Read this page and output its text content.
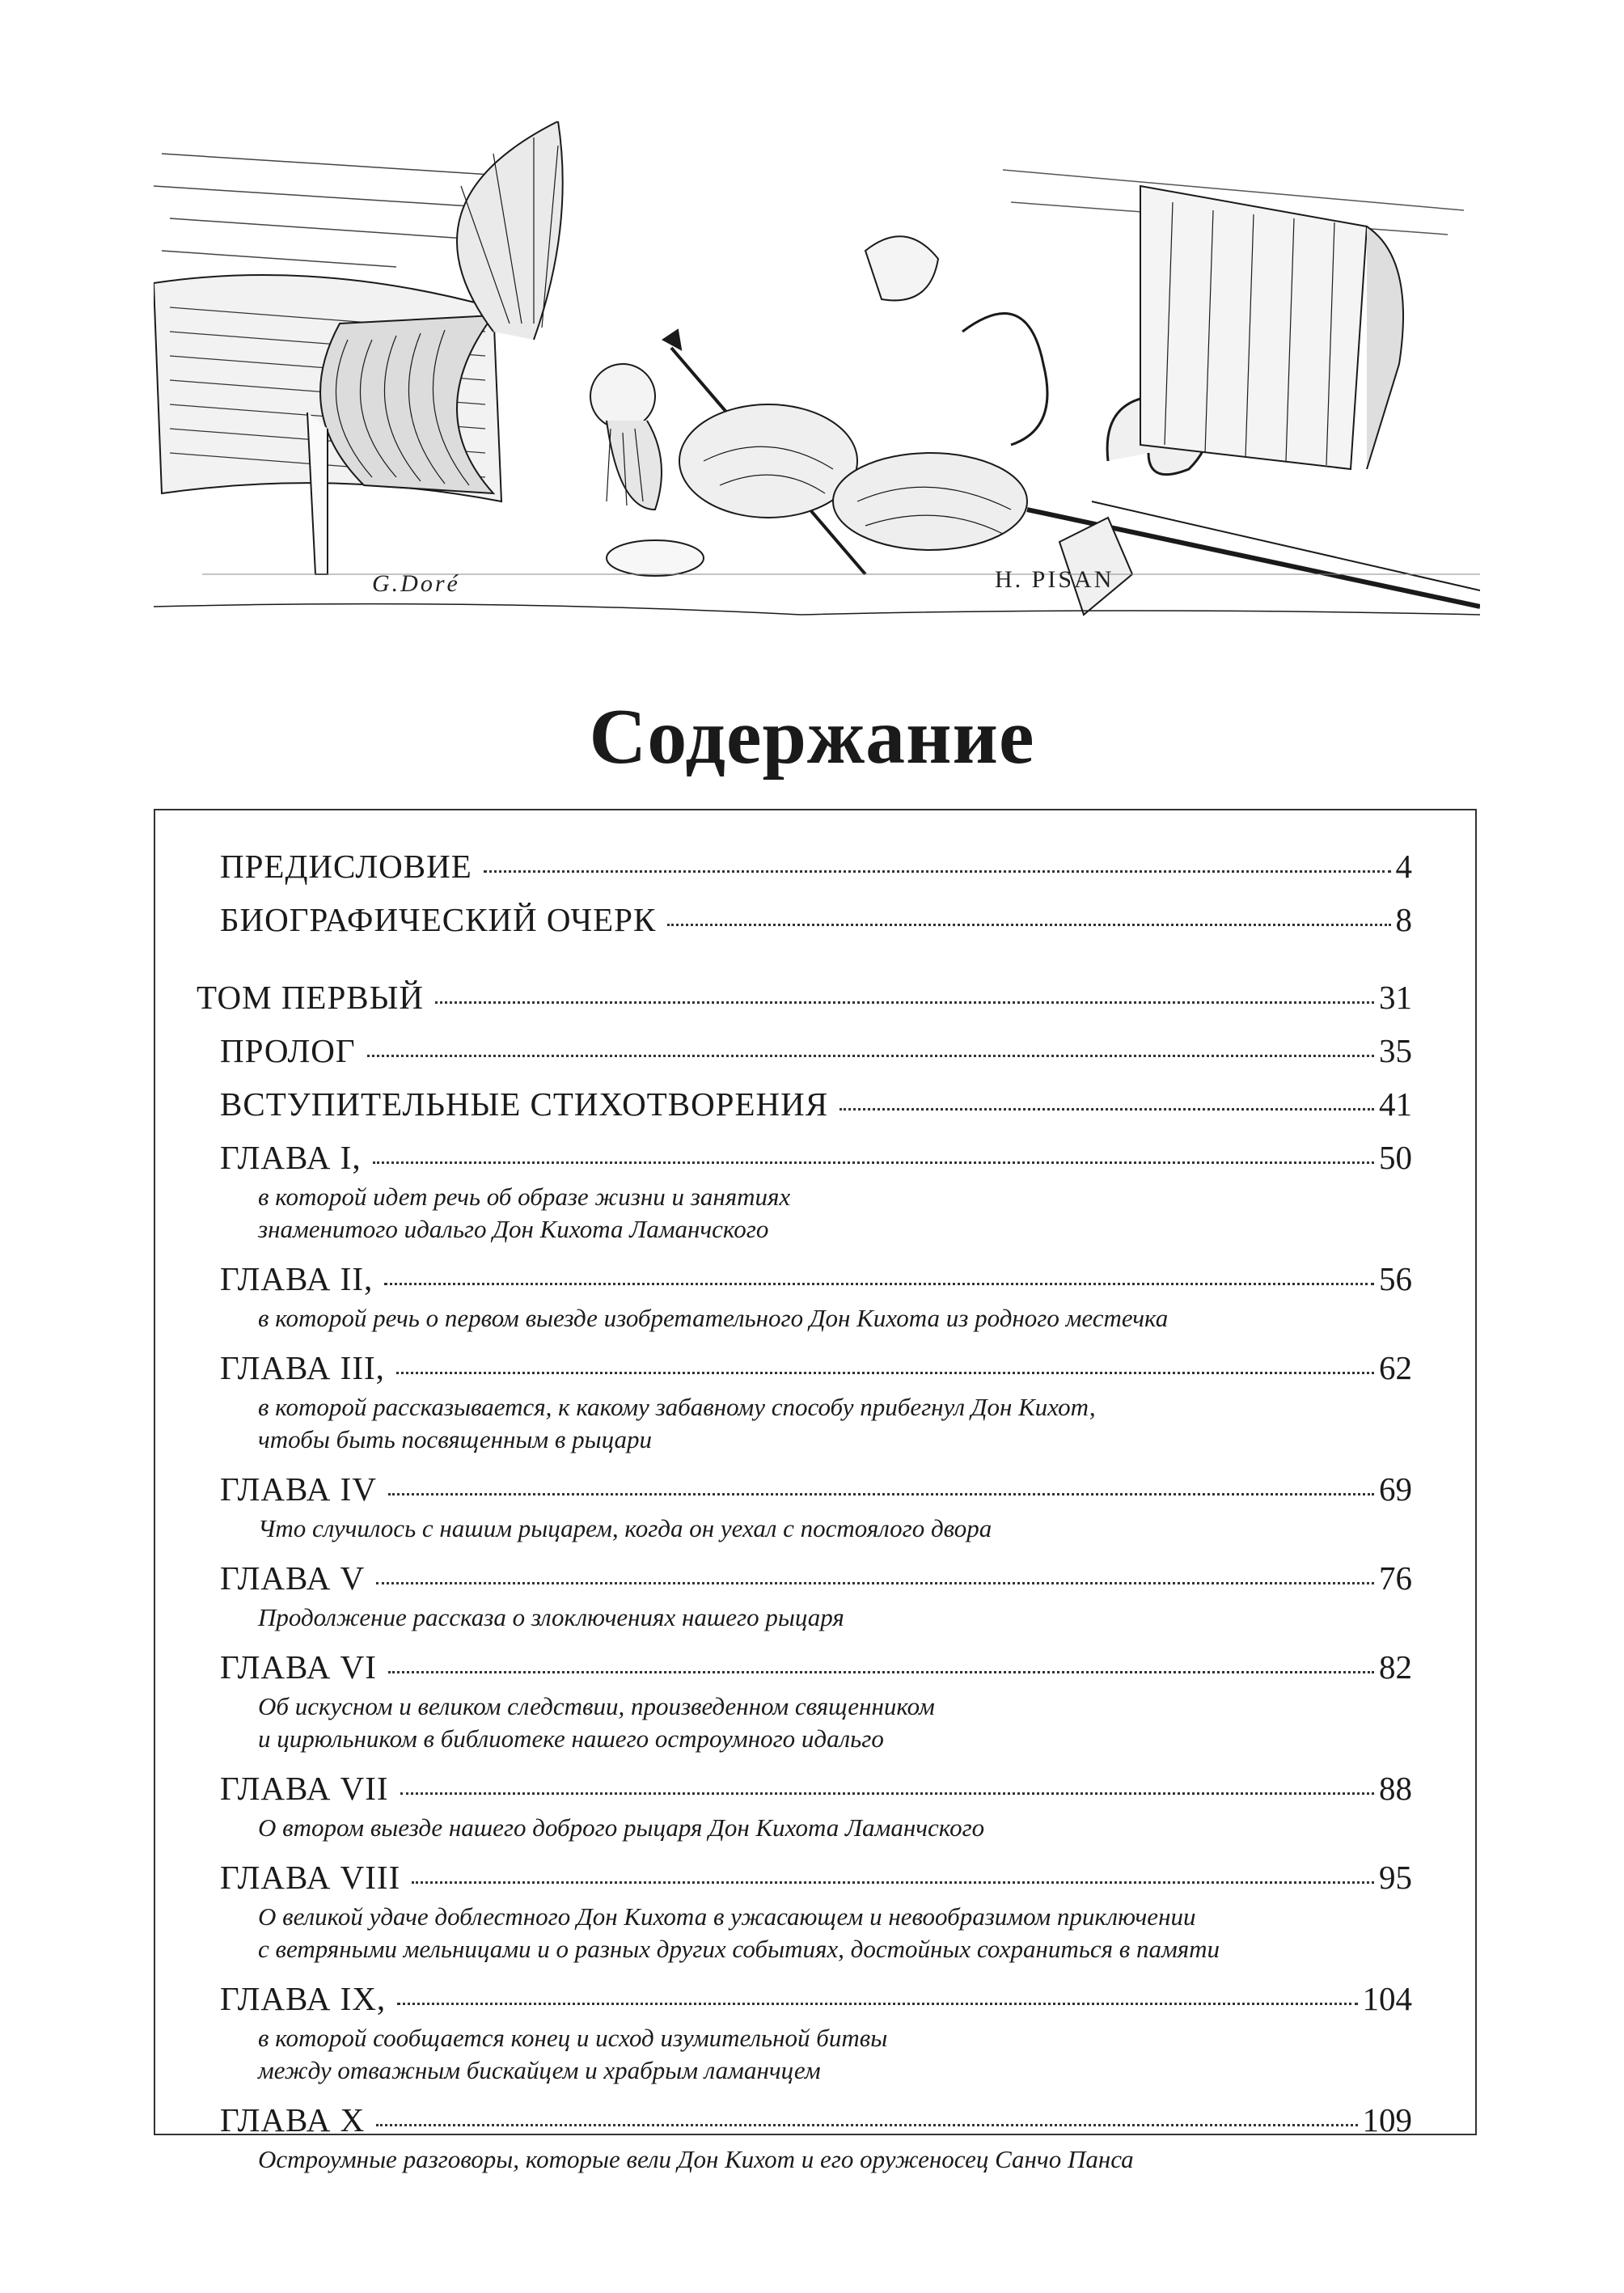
G.Doré	H. PISAN
Содержание
ПРЕДИСЛОВИЕ	4
БИОГРАФИЧЕСКИЙ ОЧЕРК	8
ТОМ ПЕРВЫЙ	31
ПРОЛОГ	35
ВСТУПИТЕЛЬНЫЕ СТИХОТВОРЕНИЯ	41
ГЛАВА I,	50
в которой идет речь об образе жизни и занятиях
знаменитого идальго Дон Кихота Ламанчского
ГЛАВА II,	56
в которой речь о первом выезде изобретательного Дон Кихота из родного местечка
ГЛАВА III,	62
в которой рассказывается, к какому забавному способу прибегнул Дон Кихот,
чтобы быть посвященным в рыцари
ГЛАВА IV	69
Что случилось с нашим рыцарем, когда он уехал с постоялого двора
ГЛАВА V	76
Продолжение рассказа о злоключениях нашего рыцаря
ГЛАВА VI	82
Об искусном и великом следствии, произведенном священником
и цирюльником в библиотеке нашего остроумного идальго
ГЛАВА VII	88
О втором выезде нашего доброго рыцаря Дон Кихота Ламанчского
ГЛАВА VIII	95
О великой удаче доблестного Дон Кихота в ужасающем и невообразимом приключении
с ветряными мельницами и о разных других событиях, достойных сохраниться в памяти
ГЛАВА IX,	104
в которой сообщается конец и исход изумительной битвы
между отважным бискайцем и храбрым ламанчцем
ГЛАВА X	109
Остроумные разговоры, которые вели Дон Кихот и его оруженосец Санчо Панса
